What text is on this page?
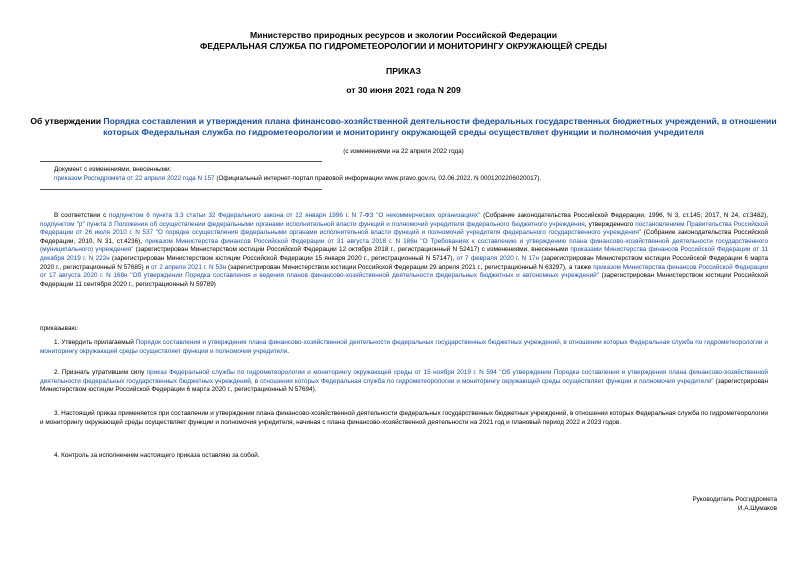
Министерство природных ресурсов и экологии Российской Федерации
ФЕДЕРАЛЬНАЯ СЛУЖБА ПО ГИДРОМЕТЕОРОЛОГИИ И МОНИТОРИНГУ ОКРУЖАЮЩЕЙ СРЕДЫ
ПРИКАЗ
от 30 июня 2021 года N 209
Об утверждении Порядка составления и утверждения плана финансово-хозяйственной деятельности федеральных государственных бюджетных учреждений, в отношении которых Федеральная служба по гидрометеорологии и мониторингу окружающей среды осуществляет функции и полномочия учредителя
(с изменениями на 22 апреля 2022 года)
Документ с изменениями, внесенными:
приказом Росгидромета от 22 апреля 2022 года N 157 (Официальный интернет-портал правовой информации www.pravo.gov.ru, 02.06.2022, N 0001202206020017).
В соответствии с подпунктом 6 пункта 3.3 статьи 32 Федерального закона от 12 января 1996 г. N 7-ФЗ "О некоммерческих организациях" (Собрание законодательства Российской Федерации, 1996, N 3, ст.145; 2017, N 24, ст.3482), подпунктом "р" пункта 3 Положения об осуществлении федеральными органами исполнительной власти функций и полномочий учредителя федерального бюджетного учреждения, утвержденного постановлением Правительства Российской Федерации от 26 июля 2010 г. N 537 "О порядке осуществления федеральными органами исполнительной власти функций и полномочий учредителя федерального государственного учреждения" (Собрание законодательства Российской Федерации, 2010, N 31, ст.4236), приказом Министерства финансов Российской Федерации от 31 августа 2018 г. N 186н "О Требованиях к составлению и утверждению плана финансово-хозяйственной деятельности государственного (муниципального) учреждения" (зарегистрирован Министерством юстиции Российской Федерации 12 октября 2018 г., регистрационный N 52417) с изменениями, внесенными приказами Министерства финансов Российской Федерации от 11 декабря 2019 г. N 222н (зарегистрирован Министерством юстиции Российской Федерации 15 января 2020 г., регистрационный N 57147), от 7 февраля 2020 г. N 17н (зарегистрирован Министерством юстиции Российской Федерации 6 марта 2020 г., регистрационный N 57685) и от 2 апреля 2021 г. N 53н (зарегистрирован Министерством юстиции Российской Федерации 29 апреля 2021 г., регистрационный N 63297), а также приказом Министерства финансов Российской Федерации от 17 августа 2020 г. N 168н "Об утверждении Порядка составления и ведения планов финансово-хозяйственной деятельности федеральных бюджетных и автономных учреждений" (зарегистрирован Министерством юстиции Российской Федерации 11 сентября 2020 г., регистрационный N 59789)
приказываю:
1. Утвердить прилагаемый Порядок составления и утверждения плана финансово-хозяйственной деятельности федеральных государственных бюджетных учреждений, в отношении которых Федеральная служба по гидрометеорологии и мониторингу окружающей среды осуществляет функции и полномочия учредителя.
2. Признать утратившим силу приказ Федеральной службы по гидрометеорологии и мониторингу окружающей среды от 15 ноября 2019 г. N 594 "Об утверждении Порядка составления и утверждения плана финансово-хозяйственной деятельности федеральных государственных бюджетных учреждений, в отношении которых Федеральная служба по гидрометеорологии и мониторингу окружающей среды осуществляет функции и полномочия учредителя" (зарегистрирован Министерством юстиции Российской Федерации 6 марта 2020 г., регистрационный N 57694).
3. Настоящий приказ применяется при составлении и утверждении плана финансово-хозяйственной деятельности федеральных государственных бюджетных учреждений, в отношении которых Федеральная служба по гидрометеорологии и мониторингу окружающей среды осуществляет функции и полномочия учредителя, начиная с плана финансово-хозяйственной деятельности на 2021 год и плановый период 2022 и 2023 годов.
4. Контроль за исполнением настоящего приказа оставляю за собой.
Руководитель Росгидромета
И.А.Шумаков
